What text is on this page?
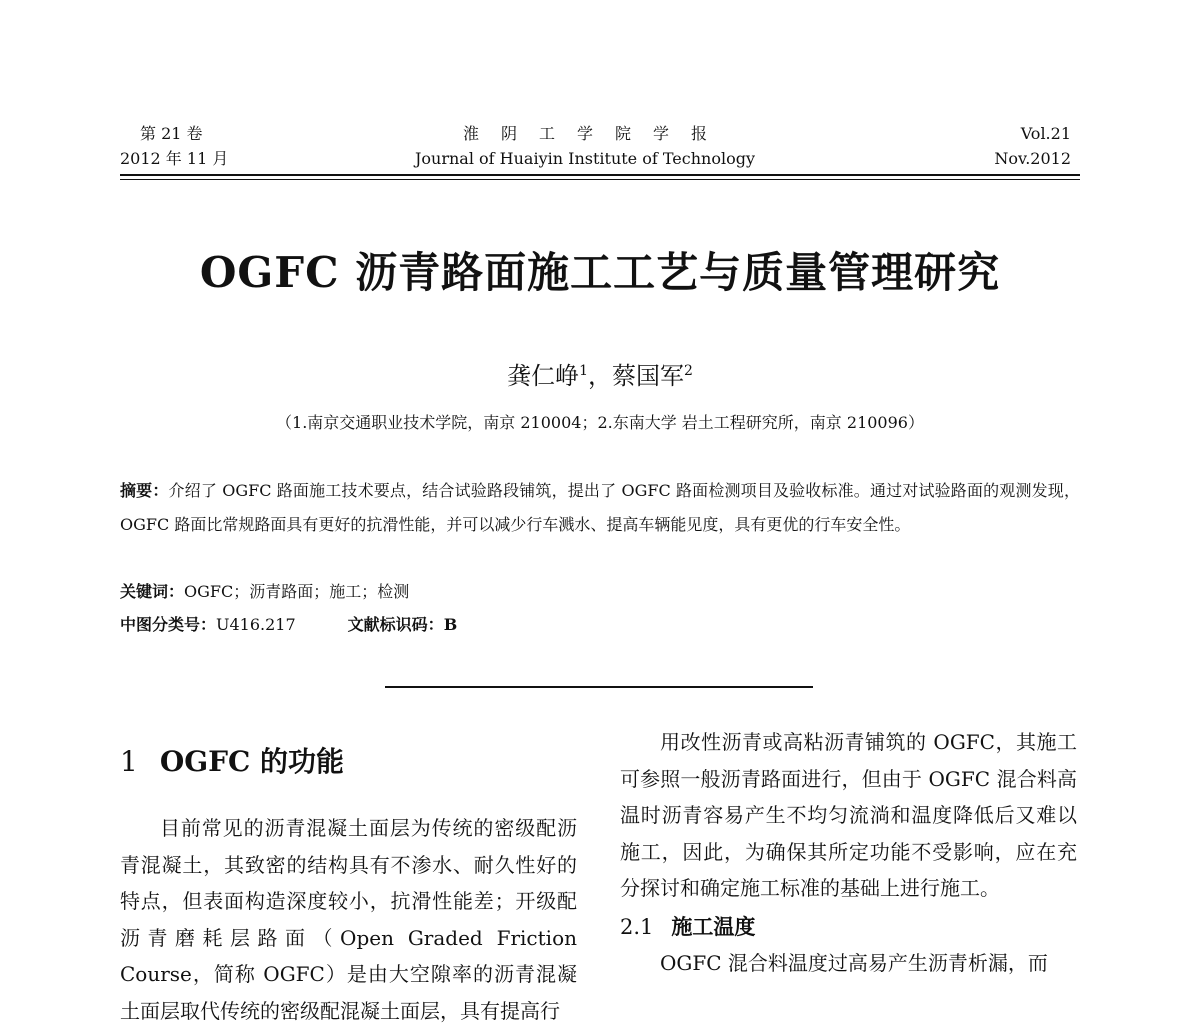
第 21 卷
2012 年 11 月
淮阴工学院学报
Journal of Huaiyin Institute of Technology
Vol.21
Nov.2012
OGFC 沥青路面施工工艺与质量管理研究
龚仁峥$^1$，蔡国军$^2$
（1.南京交通职业技术学院，南京 210004；2.东南大学 岩土工程研究所，南京 210096）
摘要：介绍了 OGFC 路面施工技术要点，结合试验路段铺筑，提出了 OGFC 路面检测项目及验收标准。通过对试验路面的观测发现，OGFC 路面比常规路面具有更好的抗滑性能，并可以减少行车溅水、提高车辆能见度，具有更优的行车安全性。
关键词：OGFC；沥青路面；施工；检测
中图分类号：U416.217	文献标识码：B
1 OGFC 的功能

目前常见的沥青混凝土面层为传统的密级配沥青混凝土，其致密的结构具有不渗水、耐久性好的特点，但表面构造深度较小，抗滑性能差；开级配沥青磨耗层路面（Open Graded Friction Course，简称 OGFC）是由大空隙率的沥青混凝土面层取代传统的密级配混凝土面层，具有提高行

用改性沥青或高粘沥青铺筑的 OGFC，其施工可参照一般沥青路面进行，但由于 OGFC 混合料高温时沥青容易产生不均匀流淌和温度降低后又难以施工，因此，为确保其所定功能不受影响，应在充分探讨和确定施工标准的基础上进行施工。

2.1 施工温度

OGFC 混合料温度过高易产生沥青析漏，而
